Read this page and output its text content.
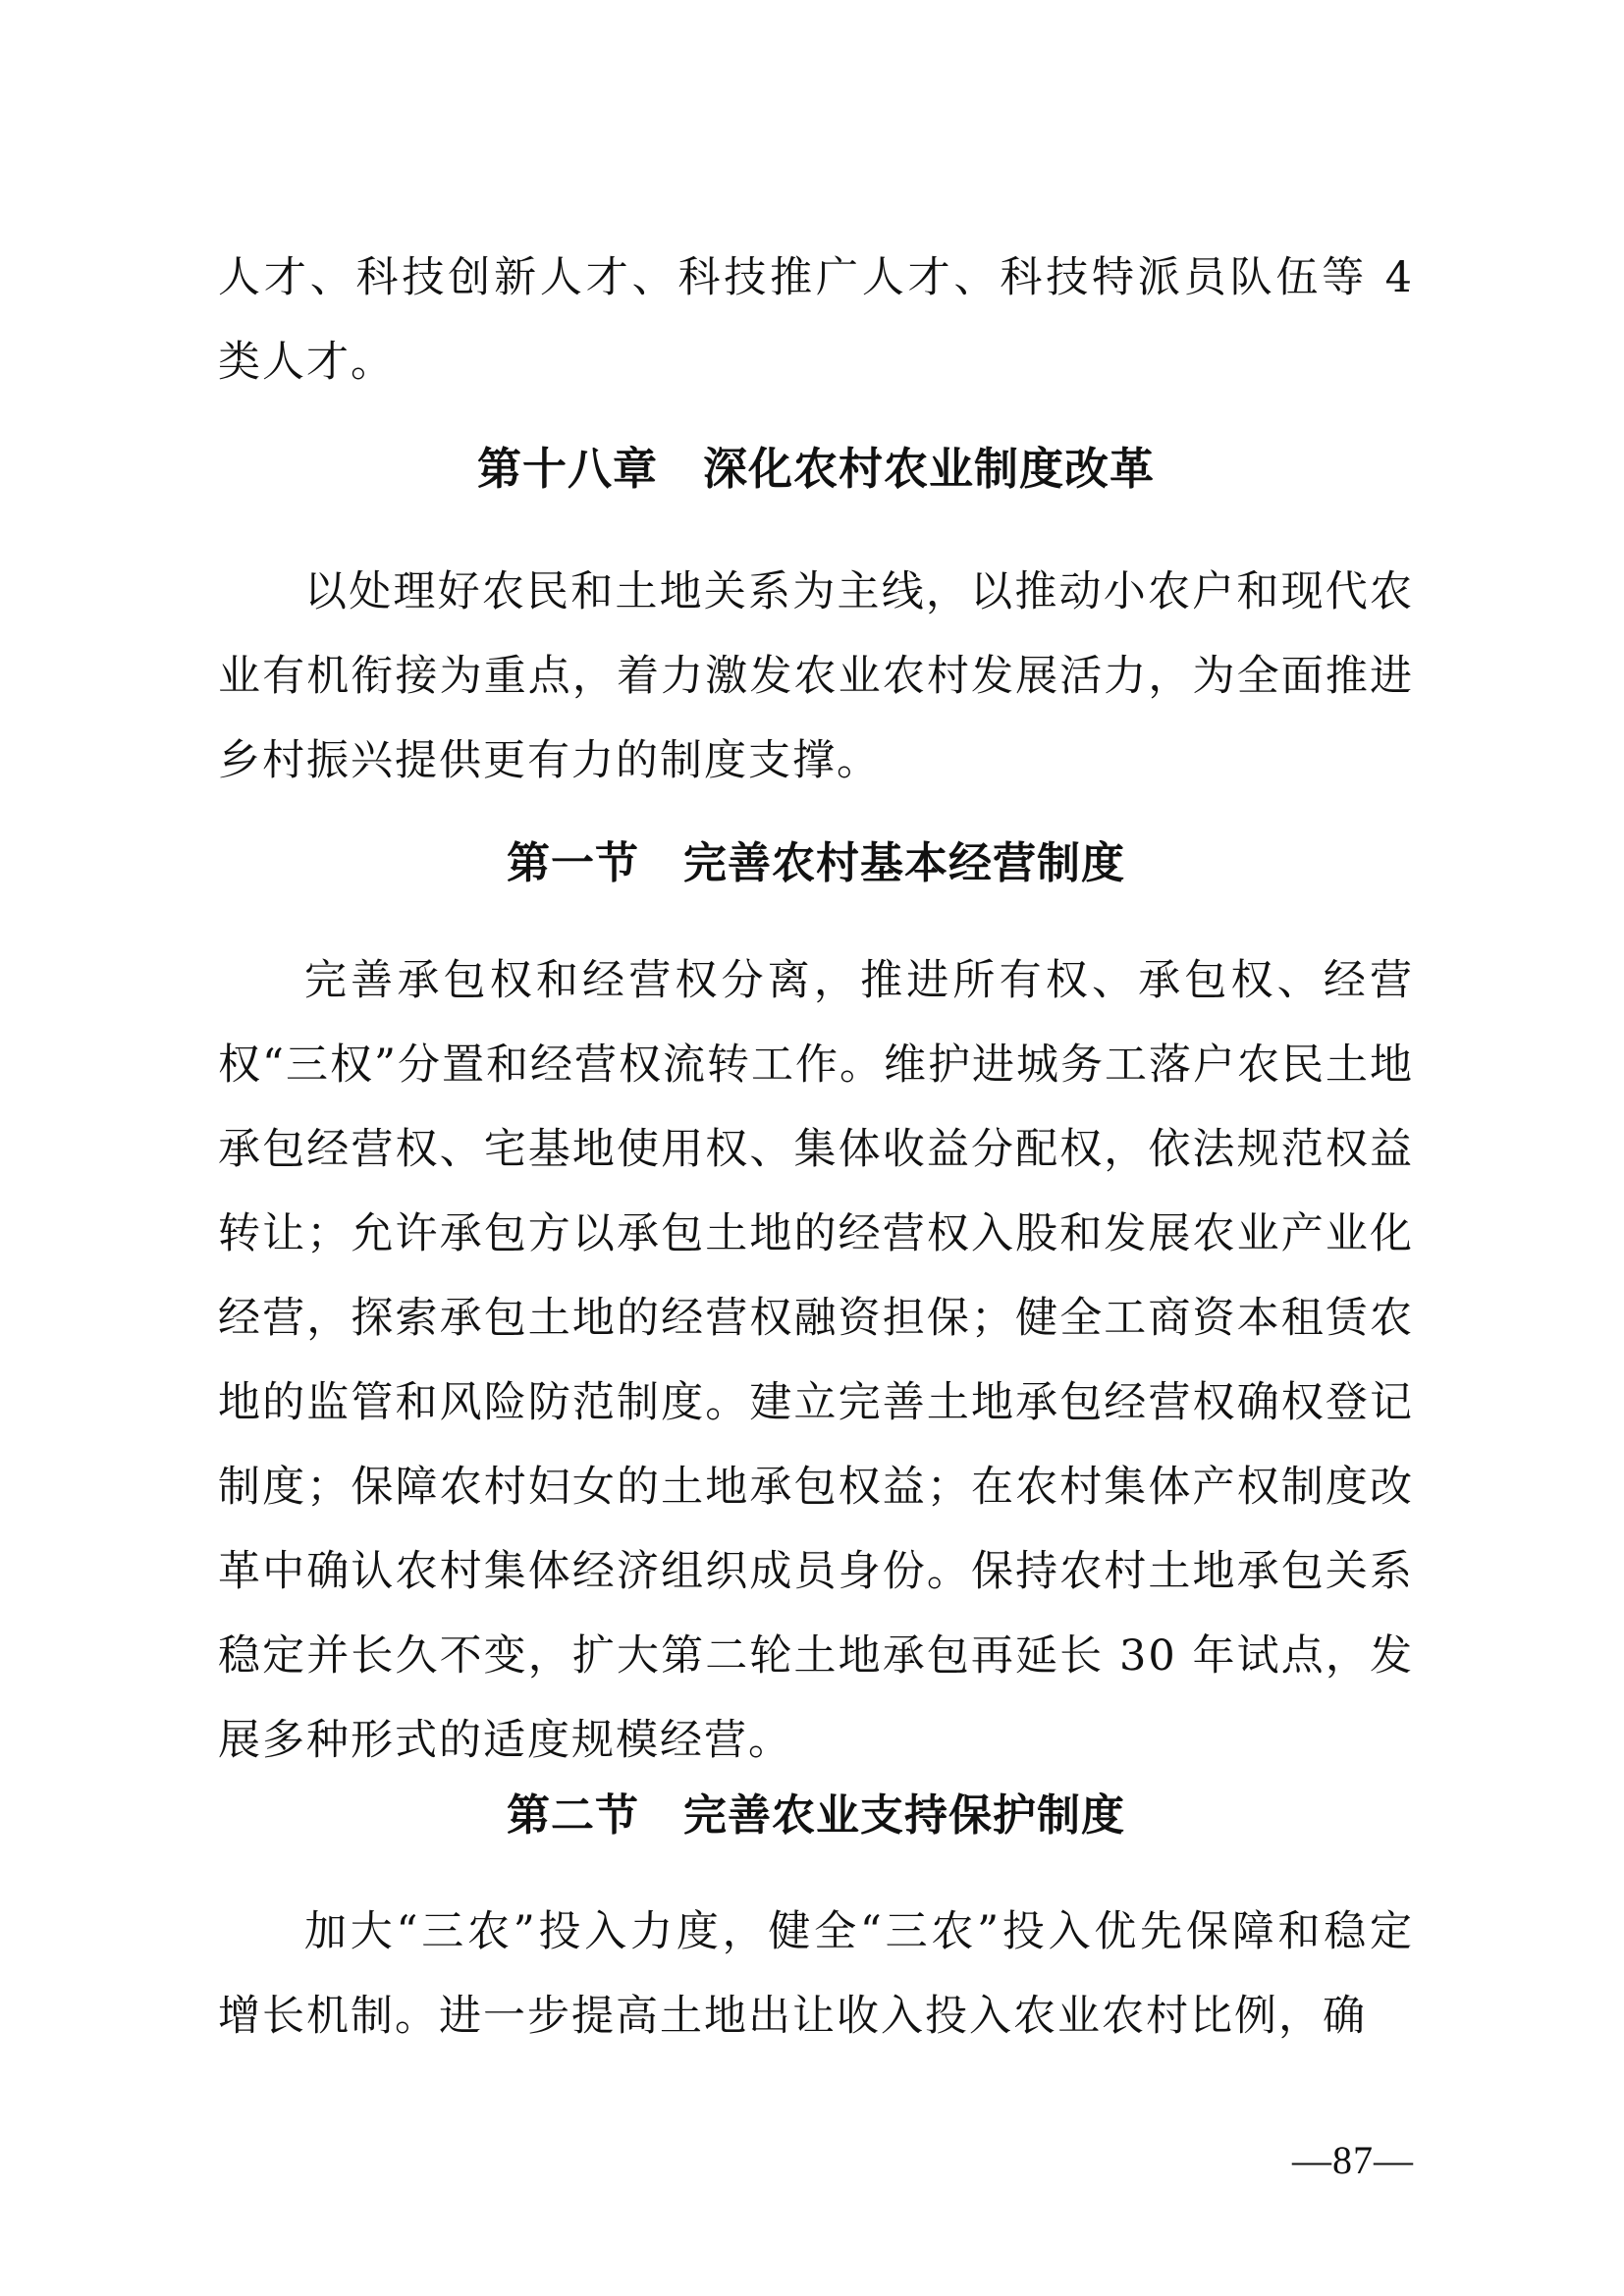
人才、科技创新人才、科技推广人才、科技特派员队伍等 4 类人才。

第十八章　深化农村农业制度改革

以处理好农民和土地关系为主线，以推动小农户和现代农业有机衔接为重点，着力激发农业农村发展活力，为全面推进乡村振兴提供更有力的制度支撑。

第一节　完善农村基本经营制度

完善承包权和经营权分离，推进所有权、承包权、经营权“三权”分置和经营权流转工作。维护进城务工落户农民土地承包经营权、宅基地使用权、集体收益分配权，依法规范权益转让；允许承包方以承包土地的经营权入股和发展农业产业化经营，探索承包土地的经营权融资担保；健全工商资本租赁农地的监管和风险防范制度。建立完善土地承包经营权确权登记制度；保障农村妇女的土地承包权益；在农村集体产权制度改革中确认农村集体经济组织成员身份。保持农村土地承包关系稳定并长久不变，扩大第二轮土地承包再延长 30 年试点，发展多种形式的适度规模经营。

第二节　完善农业支持保护制度

加大“三农”投入力度，健全“三农”投入优先保障和稳定增长机制。进一步提高土地出让收入投入农业农村比例，确

—87—
